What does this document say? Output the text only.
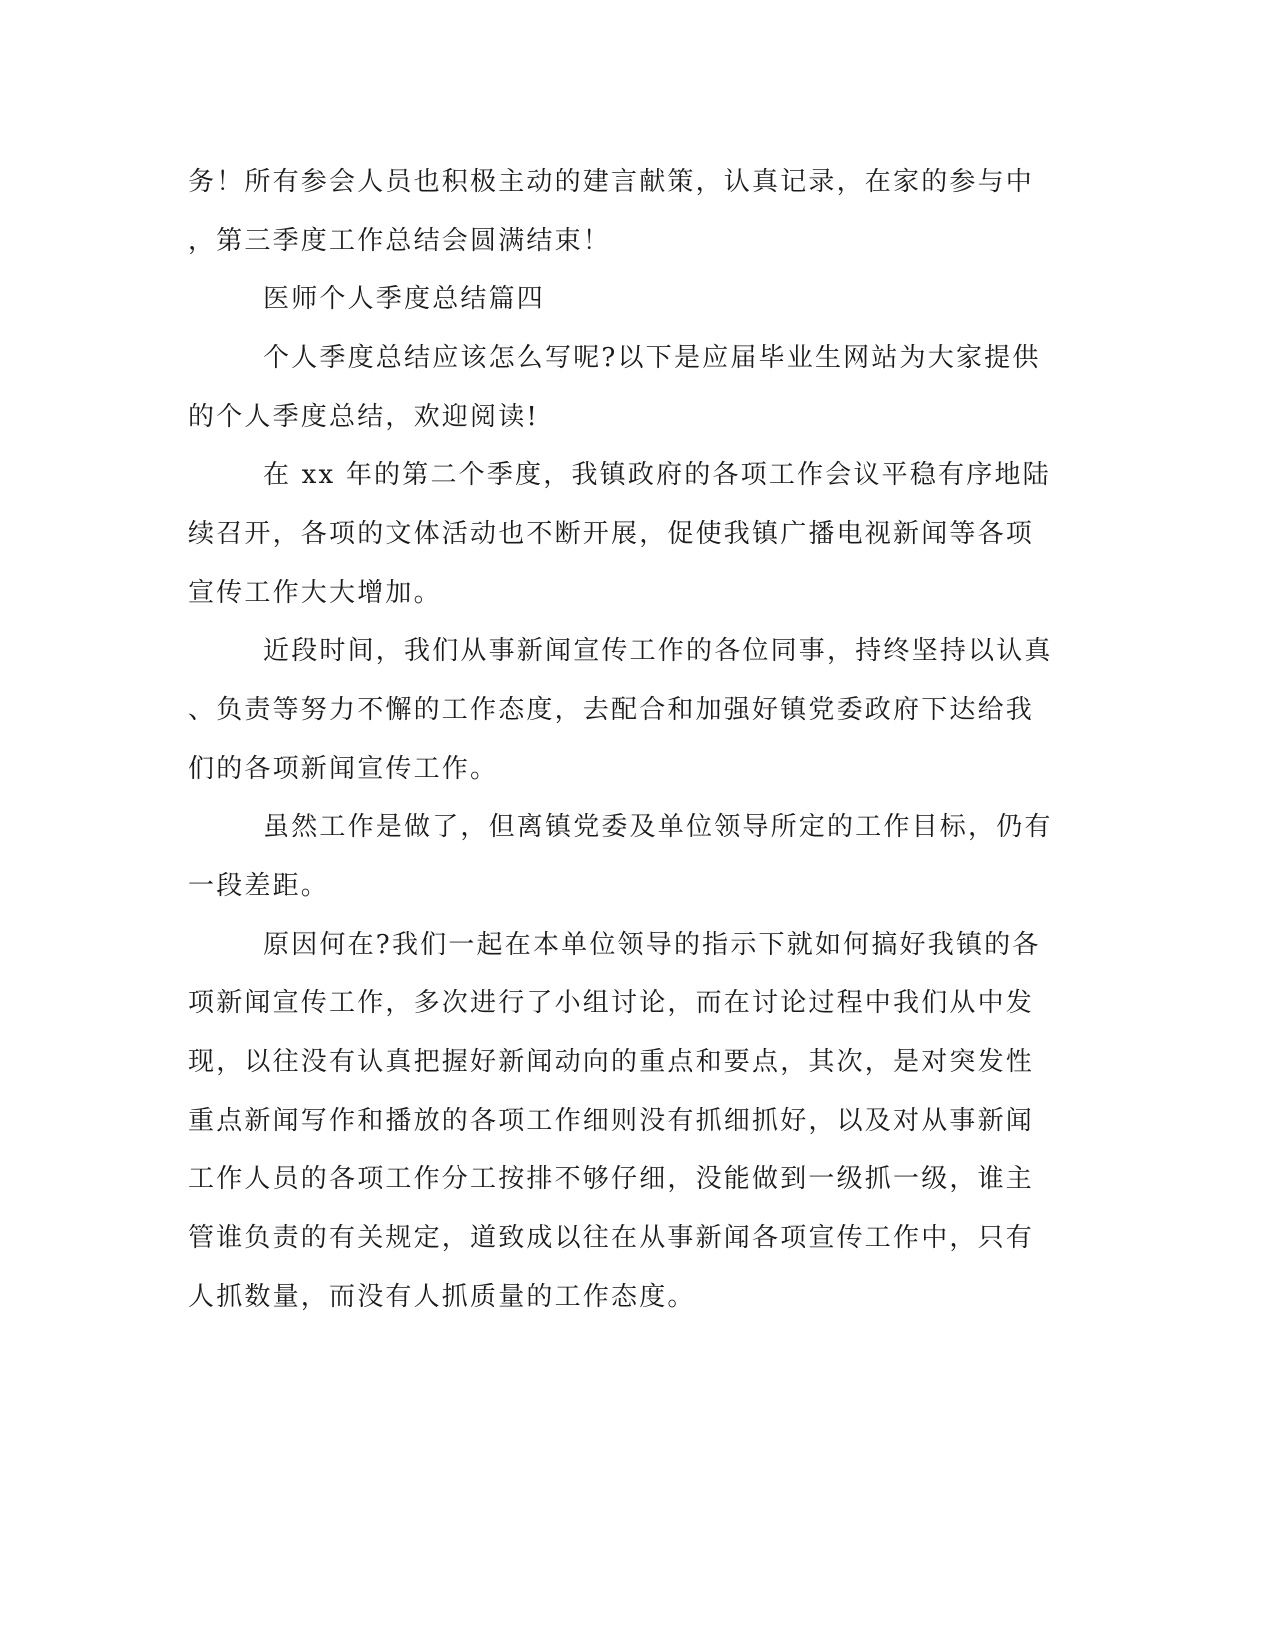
务！所有参会人员也积极主动的建言献策，认真记录，在家的参与中
，第三季度工作总结会圆满结束！
医师个人季度总结篇四
个人季度总结应该怎么写呢?以下是应届毕业生网站为大家提供
的个人季度总结，欢迎阅读!
在 xx 年的第二个季度，我镇政府的各项工作会议平稳有序地陆
续召开，各项的文体活动也不断开展，促使我镇广播电视新闻等各项
宣传工作大大增加。
近段时间，我们从事新闻宣传工作的各位同事，持终坚持以认真
、负责等努力不懈的工作态度，去配合和加强好镇党委政府下达给我
们的各项新闻宣传工作。
虽然工作是做了，但离镇党委及单位领导所定的工作目标，仍有
一段差距。
原因何在?我们一起在本单位领导的指示下就如何搞好我镇的各
项新闻宣传工作，多次进行了小组讨论，而在讨论过程中我们从中发
现，以往没有认真把握好新闻动向的重点和要点，其次，是对突发性
重点新闻写作和播放的各项工作细则没有抓细抓好，以及对从事新闻
工作人员的各项工作分工按排不够仔细，没能做到一级抓一级，谁主
管谁负责的有关规定，道致成以往在从事新闻各项宣传工作中，只有
人抓数量，而没有人抓质量的工作态度。
